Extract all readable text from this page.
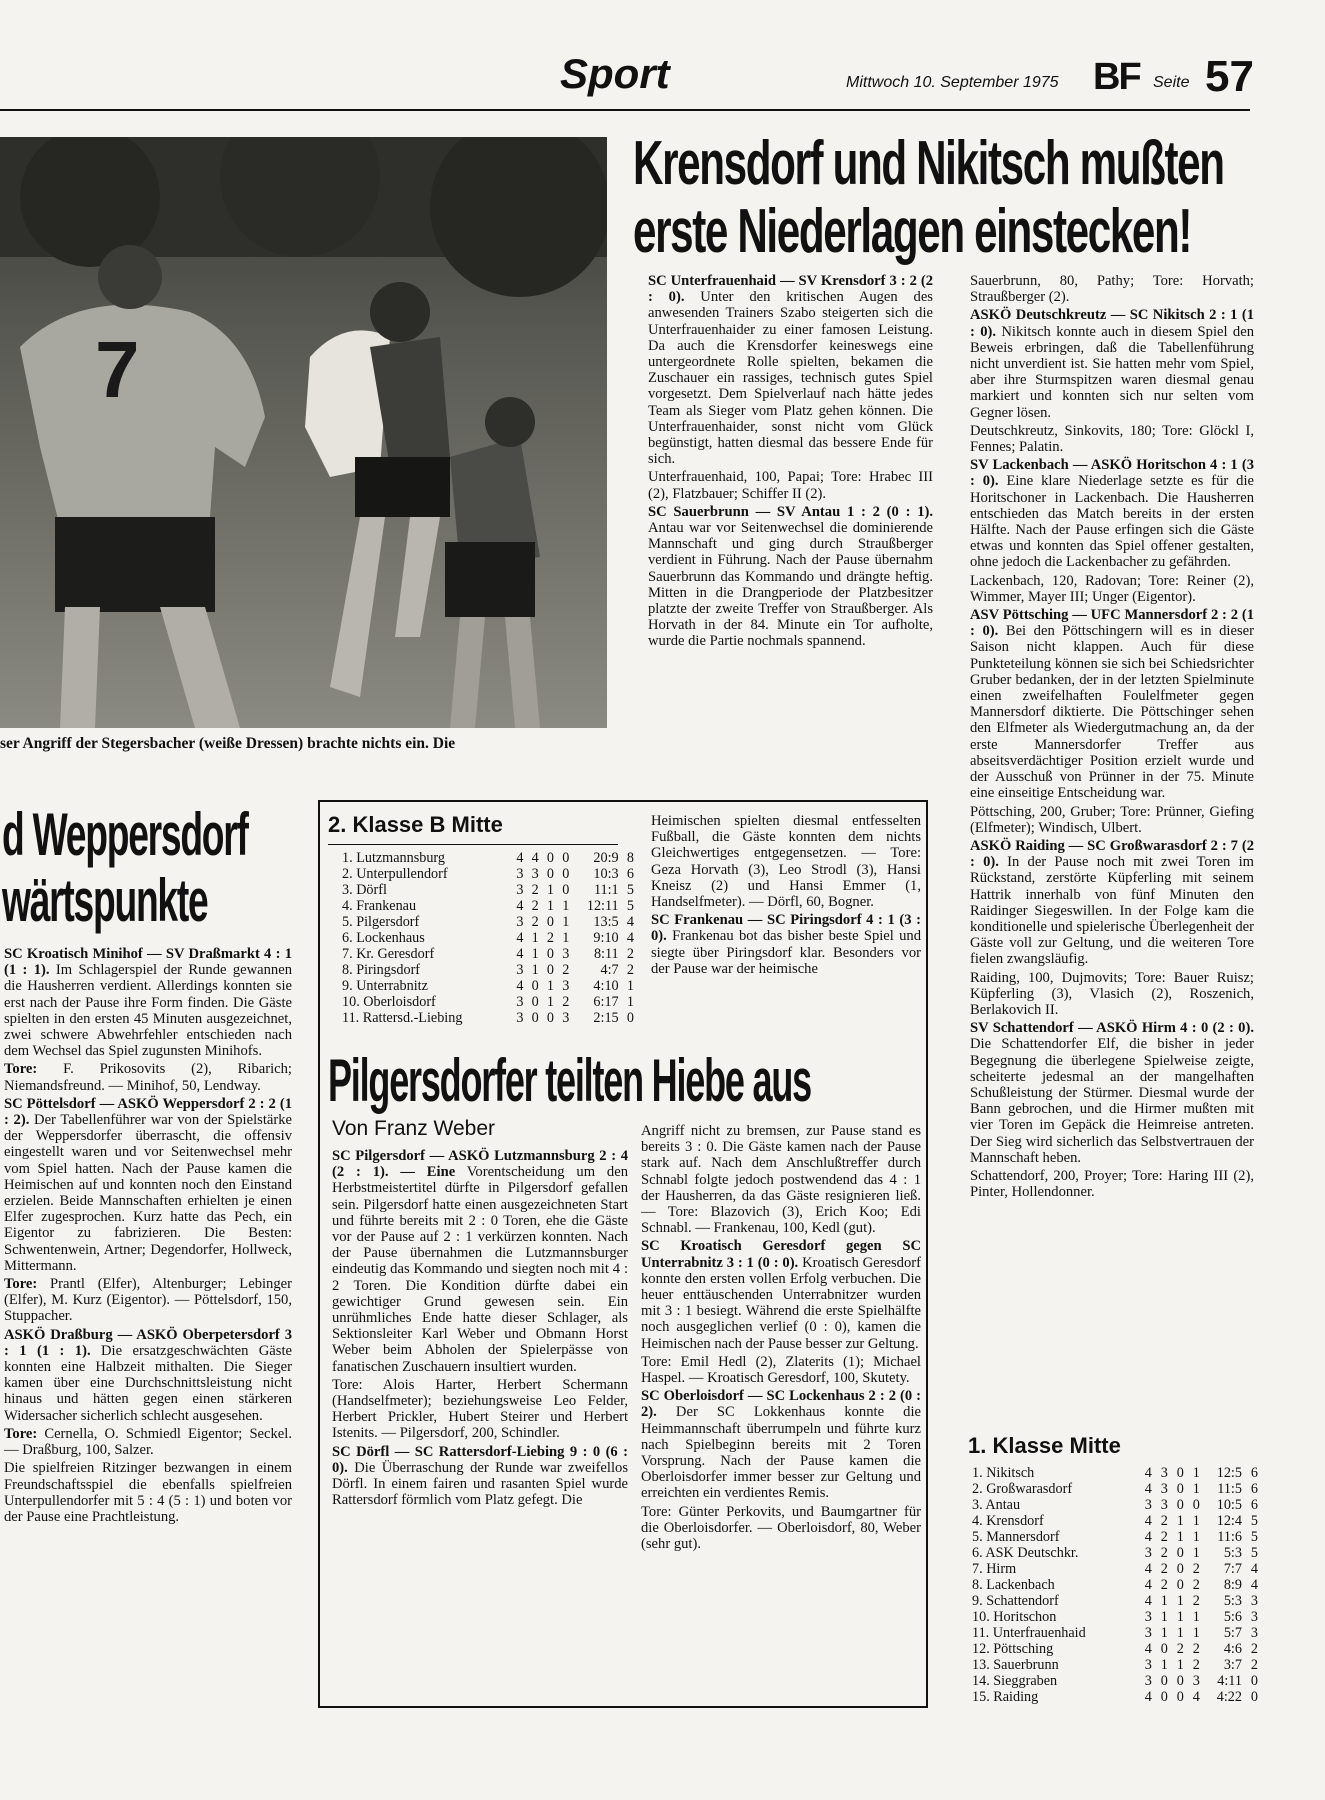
Sport	Mittwoch 10. September 1975 BF Seite 57
7
ser Angriff der Stegersbacher (weiße Dressen) brachte nichts ein. Die
Krensdorf und Nikitsch mußten
erste Niederlagen einstecken!

SC Unterfrauenhaid — SV Krensdorf 3 : 2 (2 : 0). Unter den kritischen Augen des anwesenden Trainers Szabo steigerten sich die Unterfrauenhaider zu einer famosen Leistung. Da auch die Krensdorfer keineswegs eine untergeordnete Rolle spielten, bekamen die Zuschauer ein rassiges, technisch gutes Spiel vorgesetzt. Dem Spielverlauf nach hätte jedes Team als Sieger vom Platz gehen können. Die Unterfrauenhaider, sonst nicht vom Glück begünstigt, hatten diesmal das bessere Ende für sich.

Unterfrauenhaid, 100, Papai; Tore: Hrabec III (2), Flatzbauer; Schiffer II (2).

SC Sauerbrunn — SV Antau 1 : 2 (0 : 1). Antau war vor Seitenwechsel die dominierende Mannschaft und ging durch Straußberger verdient in Führung. Nach der Pause übernahm Sauerbrunn das Kommando und drängte heftig. Mitten in die Drangperiode der Platzbesitzer platzte der zweite Treffer von Straußberger. Als Horvath in der 84. Minute ein Tor aufholte, wurde die Partie nochmals spannend.

Sauerbrunn, 80, Pathy; Tore: Horvath; Straußberger (2).

ASKÖ Deutschkreutz — SC Nikitsch 2 : 1 (1 : 0). Nikitsch konnte auch in diesem Spiel den Beweis erbringen, daß die Tabellenführung nicht unverdient ist. Sie hatten mehr vom Spiel, aber ihre Sturmspitzen waren diesmal genau markiert und konnten sich nur selten vom Gegner lösen.

Deutschkreutz, Sinkovits, 180; Tore: Glöckl I, Fennes; Palatin.

SV Lackenbach — ASKÖ Horitschon 4 : 1 (3 : 0). Eine klare Niederlage setzte es für die Horitschoner in Lackenbach. Die Hausherren entschieden das Match bereits in der ersten Hälfte. Nach der Pause erfingen sich die Gäste etwas und konnten das Spiel offener gestalten, ohne jedoch die Lackenbacher zu gefährden.

Lackenbach, 120, Radovan; Tore: Reiner (2), Wimmer, Mayer III; Unger (Eigentor).

ASV Pöttsching — UFC Mannersdorf 2 : 2 (1 : 0). Bei den Pöttschingern will es in dieser Saison nicht klappen. Auch für diese Punkteteilung können sie sich bei Schiedsrichter Gruber bedanken, der in der letzten Spielminute einen zweifelhaften Foulelfmeter gegen Mannersdorf diktierte. Die Pöttschinger sehen den Elfmeter als Wiedergutmachung an, da der erste Mannersdorfer Treffer aus abseitsverdächtiger Position erzielt wurde und der Ausschuß von Prünner in der 75. Minute eine einseitige Entscheidung war.

Pöttsching, 200, Gruber; Tore: Prünner, Giefing (Elfmeter); Windisch, Ulbert.

ASKÖ Raiding — SC Großwarasdorf 2 : 7 (2 : 0). In der Pause noch mit zwei Toren im Rückstand, zerstörte Küpferling mit seinem Hattrik innerhalb von fünf Minuten den Raidinger Siegeswillen. In der Folge kam die konditionelle und spielerische Überlegenheit der Gäste voll zur Geltung, und die weiteren Tore fielen zwangsläufig.

Raiding, 100, Dujmovits; Tore: Bauer Ruisz; Küpferling (3), Vlasich (2), Roszenich, Berlakovich II.

SV Schattendorf — ASKÖ Hirm 4 : 0 (2 : 0). Die Schattendorfer Elf, die bisher in jeder Begegnung die überlegene Spielweise zeigte, scheiterte jedesmal an der mangelhaften Schußleistung der Stürmer. Diesmal wurde der Bann gebrochen, und die Hirmer mußten mit vier Toren im Gepäck die Heimreise antreten. Der Sieg wird sicherlich das Selbstvertrauen der Mannschaft heben.

Schattendorf, 200, Proyer; Tore: Haring III (2), Pinter, Hollendonner.

1. Klasse Mitte
1. Nikitsch	4	3	0	1	12:5	6
2. Großwarasdorf	4	3	0	1	11:5	6
3. Antau	3	3	0	0	10:5	6
4. Krensdorf	4	2	1	1	12:4	5
5. Mannersdorf	4	2	1	1	11:6	5
6. ASK Deutschkr.	3	2	0	1	5:3	5
7. Hirm	4	2	0	2	7:7	4
8. Lackenbach	4	2	0	2	8:9	4
9. Schattendorf	4	1	1	2	5:3	3
10. Horitschon	3	1	1	1	5:6	3
11. Unterfrauenhaid	3	1	1	1	5:7	3
12. Pöttsching	4	0	2	2	4:6	2
13. Sauerbrunn	3	1	1	2	3:7	2
14. Sieggraben	3	0	0	3	4:11	0
15. Raiding	4	0	0	4	4:22	0
d Weppersdorf
wärtspunkte

SC Kroatisch Minihof — SV Draßmarkt 4 : 1 (1 : 1). Im Schlagerspiel der Runde gewannen die Hausherren verdient. Allerdings konnten sie erst nach der Pause ihre Form finden. Die Gäste spielten in den ersten 45 Minuten ausgezeichnet, zwei schwere Abwehrfehler entschieden nach dem Wechsel das Spiel zugunsten Minihofs.

Tore: F. Prikosovits (2), Ribarich; Niemandsfreund. — Minihof, 50, Lendway.

SC Pöttelsdorf — ASKÖ Weppersdorf 2 : 2 (1 : 2). Der Tabellenführer war von der Spielstärke der Weppersdorfer überrascht, die offensiv eingestellt waren und vor Seitenwechsel mehr vom Spiel hatten. Nach der Pause kamen die Heimischen auf und konnten noch den Einstand erzielen. Beide Mannschaften erhielten je einen Elfer zugesprochen. Kurz hatte das Pech, ein Eigentor zu fabrizieren. Die Besten: Schwentenwein, Artner; Degendorfer, Hollweck, Mittermann.

Tore: Prantl (Elfer), Altenburger; Lebinger (Elfer), M. Kurz (Eigentor). — Pöttelsdorf, 150, Stuppacher.

ASKÖ Draßburg — ASKÖ Oberpetersdorf 3 : 1 (1 : 1). Die ersatzgeschwächten Gäste konnten eine Halbzeit mithalten. Die Sieger kamen über eine Durchschnittsleistung nicht hinaus und hätten gegen einen stärkeren Widersacher sicherlich schlecht ausgesehen.

Tore: Cernella, O. Schmiedl Eigentor; Seckel. — Draßburg, 100, Salzer.

Die spielfreien Ritzinger bezwangen in einem Freundschaftsspiel die ebenfalls spielfreien Unterpullendorfer mit 5 : 4 (5 : 1) und boten vor der Pause eine Prachtleistung.

2. Klasse B Mitte
1. Lutzmannsburg	4	4	0	0	20:9	8
2. Unterpullendorf	3	3	0	0	10:3	6
3. Dörfl	3	2	1	0	11:1	5
4. Frankenau	4	2	1	1	12:11	5
5. Pilgersdorf	3	2	0	1	13:5	4
6. Lockenhaus	4	1	2	1	9:10	4
7. Kr. Geresdorf	4	1	0	3	8:11	2
8. Piringsdorf	3	1	0	2	4:7	2
9. Unterrabnitz	4	0	1	3	4:10	1
10. Oberloisdorf	3	0	1	2	6:17	1
11. Rattersd.-Liebing	3	0	0	3	2:15	0

Heimischen spielten diesmal entfesselten Fußball, die Gäste konnten dem nichts Gleichwertiges entgegensetzen. — Tore: Geza Horvath (3), Leo Strodl (3), Hansi Kneisz (2) und Hansi Emmer (1, Handselfmeter). — Dörfl, 60, Bogner.

SC Frankenau — SC Piringsdorf 4 : 1 (3 : 0). Frankenau bot das bisher beste Spiel und siegte über Piringsdorf klar. Besonders vor der Pause war der heimische

Pilgersdorfer teilten Hiebe aus
Von Franz Weber

SC Pilgersdorf — ASKÖ Lutzmannsburg 2 : 4 (2 : 1). — Eine Vorentscheidung um den Herbstmeistertitel dürfte in Pilgersdorf gefallen sein. Pilgersdorf hatte einen ausgezeichneten Start und führte bereits mit 2 : 0 Toren, ehe die Gäste vor der Pause auf 2 : 1 verkürzen konnten. Nach der Pause übernahmen die Lutzmannsburger eindeutig das Kommando und siegten noch mit 4 : 2 Toren. Die Kondition dürfte dabei ein gewichtiger Grund gewesen sein. Ein unrühmliches Ende hatte dieser Schlager, als Sektionsleiter Karl Weber und Obmann Horst Weber beim Abholen der Spielerpässe von fanatischen Zuschauern insultiert wurden.

Tore: Alois Harter, Herbert Schermann (Handselfmeter); beziehungsweise Leo Felder, Herbert Prickler, Hubert Steirer und Herbert Istenits. — Pilgersdorf, 200, Schindler.

SC Dörfl — SC Rattersdorf-Liebing 9 : 0 (6 : 0). Die Überraschung der Runde war zweifellos Dörfl. In einem fairen und rasanten Spiel wurde Rattersdorf förmlich vom Platz gefegt. Die

Angriff nicht zu bremsen, zur Pause stand es bereits 3 : 0. Die Gäste kamen nach der Pause stark auf. Nach dem Anschlußtreffer durch Schnabl folgte jedoch postwendend das 4 : 1 der Hausherren, da das Gäste resignieren ließ. — Tore: Blazovich (3), Erich Koo; Edi Schnabl. — Frankenau, 100, Kedl (gut).

SC Kroatisch Geresdorf gegen SC Unterrabnitz 3 : 1 (0 : 0). Kroatisch Geresdorf konnte den ersten vollen Erfolg verbuchen. Die heuer enttäuschenden Unterrabnitzer wurden mit 3 : 1 besiegt. Während die erste Spielhälfte noch ausgeglichen verlief (0 : 0), kamen die Heimischen nach der Pause besser zur Geltung.

Tore: Emil Hedl (2), Zlaterits (1); Michael Haspel. — Kroatisch Geresdorf, 100, Skutety.

SC Oberloisdorf — SC Lockenhaus 2 : 2 (0 : 2). Der SC Lokkenhaus konnte die Heimmannschaft überrumpeln und führte kurz nach Spielbeginn bereits mit 2 Toren Vorsprung. Nach der Pause kamen die Oberloisdorfer immer besser zur Geltung und erreichten ein verdientes Remis.

Tore: Günter Perkovits, und Baumgartner für die Oberloisdorfer. — Oberloisdorf, 80, Weber (sehr gut).
